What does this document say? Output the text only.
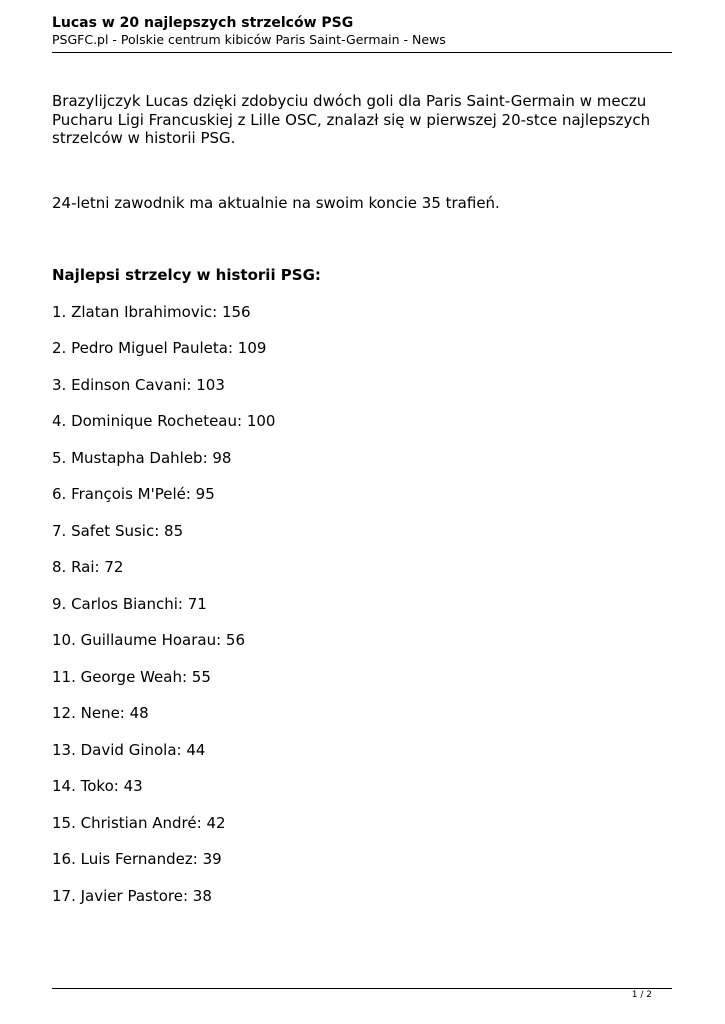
Lucas w 20 najlepszych strzelców PSG
PSGFC.pl - Polskie centrum kibiców Paris Saint-Germain - News

Brazylijczyk Lucas dzięki zdobyciu dwóch goli dla Paris Saint-Germain w meczu Pucharu Ligi Francuskiej z Lille OSC, znalazł się w pierwszej 20-stce najlepszych strzelców w historii PSG.

24-letni zawodnik ma aktualnie na swoim koncie 35 trafień.

Najlepsi strzelcy w historii PSG:

1. Zlatan Ibrahimovic: 156
2. Pedro Miguel Pauleta: 109
3. Edinson Cavani: 103
4. Dominique Rocheteau: 100
5. Mustapha Dahleb: 98
6. François M'Pelé: 95
7. Safet Susic: 85
8. Rai: 72
9. Carlos Bianchi: 71
10. Guillaume Hoarau: 56
11. George Weah: 55
12. Nene: 48
13. David Ginola: 44
14. Toko: 43
15. Christian André: 42
16. Luis Fernandez: 39
17. Javier Pastore: 38
1 / 2
